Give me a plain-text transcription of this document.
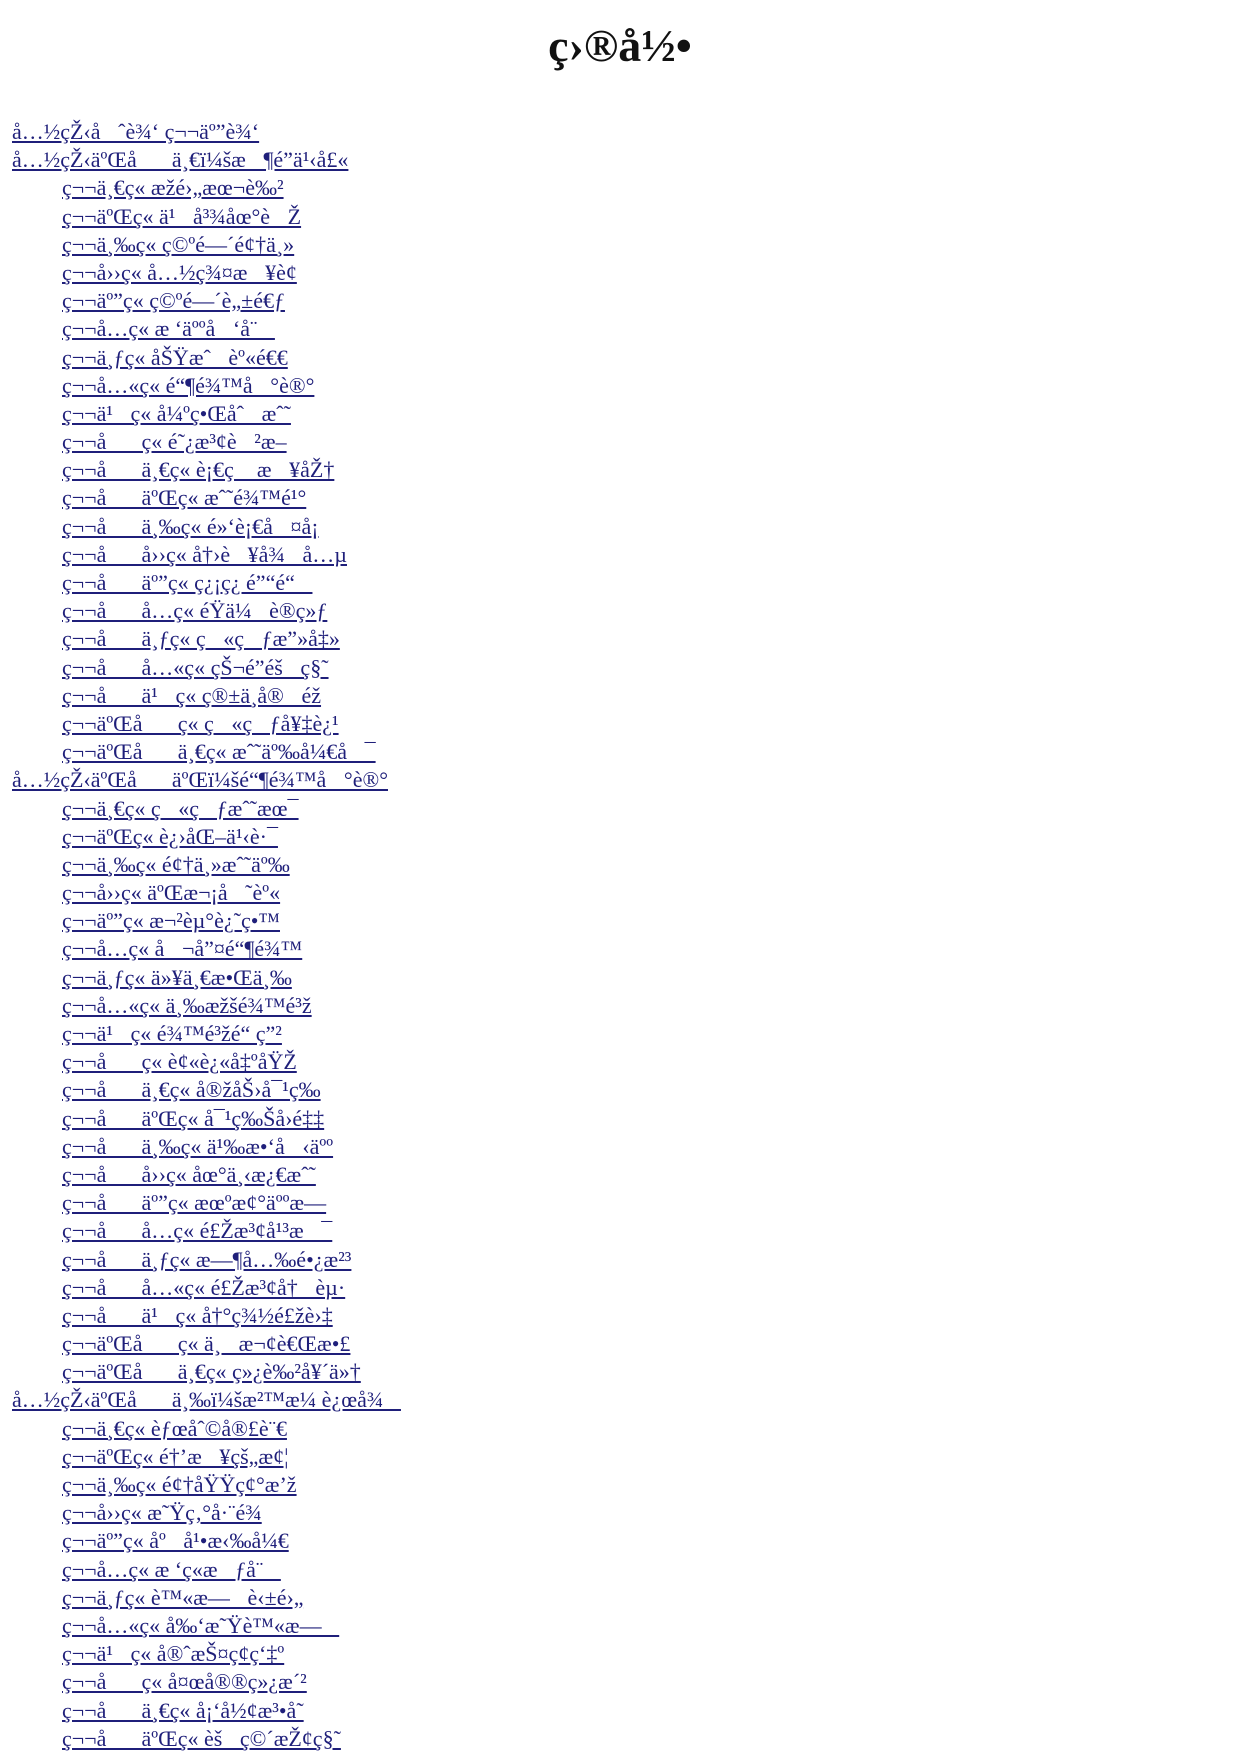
ç›®å½•
å…½çŽ‹åˆè¾‘ ç¬¬äº”è¾‘
å…½çŽ‹äºŒåä¸€ï¼šæ¶é”ä¹‹å£«
ç¬¬ä¸€ç« æžé›„æœ¬è‰²
ç¬¬äºŒç« ä¹å³¾åœ°èŽ
ç¬¬ä¸‰ç« ç©ºé—´é¢†ä¸»
ç¬¬å››ç« å…½ç¾¤æ¥è¢
ç¬¬äº”ç« ç©ºé—´è„±é€ƒ
ç¬¬å…ç« æ ‘äººå‘å¨
ç¬¬ä¸ƒç« åŠŸæˆèº«é€€
ç¬¬å…«ç« é“¶é¾™å°è®°
ç¬¬ä¹ç« å¼ºç•Œåˆæˆ˜
ç¬¬åç« é˜¿æ³¢è²æ–
ç¬¬åä¸€ç« è¡€ç æ¥åŽ†
ç¬¬åäºŒç« æˆ˜é¾™é¹°
ç¬¬åä¸‰ç« é»‘è¡€å¤å¡
ç¬¬åå››ç« å†›è¥å¾å…µ
ç¬¬åäº”ç« ç¿¡ç¿ é”“é“
ç¬¬åå…ç« éŸä¼è®ç»ƒ
ç¬¬åä¸ƒç« ç«çƒæ”»å‡»
ç¬¬åå…«ç« çŠ¬é”éšç§˜
ç¬¬åä¹ç« ç®±ä¸å®éž
ç¬¬äºŒåç« ç«çƒå¥‡è¿¹
ç¬¬äºŒåä¸€ç« æˆ˜äº‰å¼€å¯
å…½çŽ‹äºŒåäºŒï¼šé“¶é¾™å°è®°
ç¬¬ä¸€ç« ç«çƒæˆ˜æœ¯
ç¬¬äºŒç« è¿›åŒ–ä¹‹è·¯
ç¬¬ä¸‰ç« é¢†ä¸»æˆ˜äº‰
ç¬¬å››ç« äºŒæ¬¡å˜èº«
ç¬¬äº”ç« æ¬²èµ°è¿˜ç•™
ç¬¬å…ç« å¬å”¤é“¶é¾™
ç¬¬ä¸ƒç« ä»¥ä¸€æ•Œä¸‰
ç¬¬å…«ç« ä¸‰æžšé¾™é³ž
ç¬¬ä¹ç« é¾™é³žé“ ç”²
ç¬¬åç« è¢«è¿«å‡ºåŸŽ
ç¬¬åä¸€ç« å®žåŠ›å¯¹ç‰
ç¬¬åäºŒç« å¯¹ç‰Šå›é‡‡
ç¬¬åä¸‰ç« ä¹‰æ•‘å‹äºº
ç¬¬åå››ç« åœ°ä¸‹æ¿€æˆ˜
ç¬¬åäº”ç« æœºæ¢°äººæ—
ç¬¬åå…ç« é£Žæ³¢å¹³æ¯
ç¬¬åä¸ƒç« æ—¶å…‰é•¿æ²³
ç¬¬åå…«ç« é£Žæ³¢å†èµ·
ç¬¬åä¹ç« å†°ç¾½é£žè›‡
ç¬¬äºŒåç« ä¸æ¬¢è€Œæ•£
ç¬¬äºŒåä¸€ç« ç»¿è‰²å¥´ä»†
å…½çŽ‹äºŒåä¸‰ï¼šæ²™æ¼ è¿œå¾
ç¬¬ä¸€ç« èƒœåˆ©å®£è¨€
ç¬¬äºŒç« é†’æ¥çš„æ¢¦
ç¬¬ä¸‰ç« é¢†åŸŸç¢°æ’ž
ç¬¬å››ç« æ˜Ÿç‚°å·¨é¾
ç¬¬äº”ç« åºå¹•æ‹‰å¼€
ç¬¬å…ç« æ ‘ç«æƒå¨
ç¬¬ä¸ƒç« è™«æ—è‹±é›„
ç¬¬å…«ç« å‰‘æ˜Ÿè™«æ—
ç¬¬ä¹ç« å®ˆæŠ¤ç¢ç‘‡º
ç¬¬åç« å¤œå®®ç»¿æ´²
ç¬¬åä¸€ç« å¡‘å½¢æ³•å˜
ç¬¬åäºŒç« èšç©´æŽ¢ç§˜
